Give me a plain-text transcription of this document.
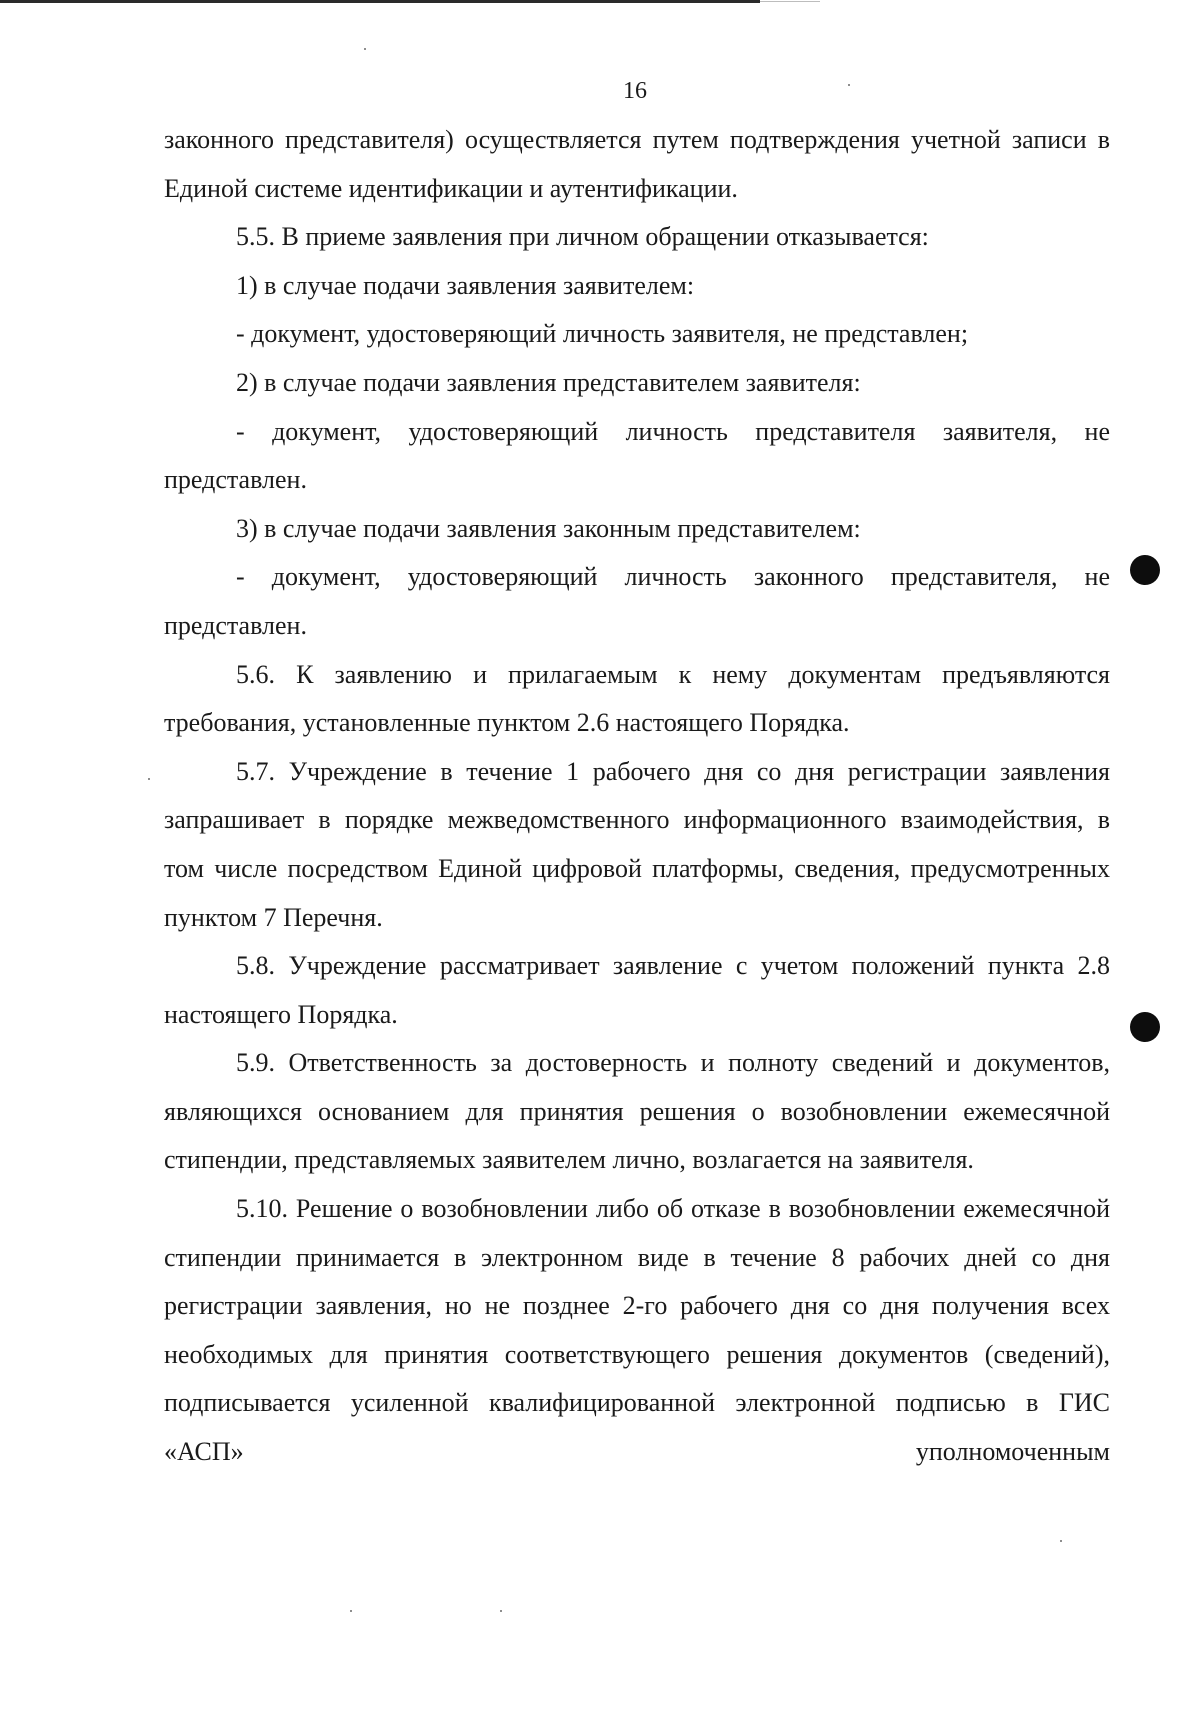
16

законного представителя) осуществляется путем подтверждения учетной записи в Единой системе идентификации и аутентификации.

5.5. В приеме заявления при личном обращении отказывается:

1) в случае подачи заявления заявителем:

- документ, удостоверяющий личность заявителя, не представлен;

2) в случае подачи заявления представителем заявителя:

- документ, удостоверяющий личность представителя заявителя, не представлен.

3) в случае подачи заявления законным представителем:

- документ, удостоверяющий личность законного представителя, не представлен.

5.6. К заявлению и прилагаемым к нему документам предъявляются требования, установленные пунктом 2.6 настоящего Порядка.

5.7. Учреждение в течение 1 рабочего дня со дня регистрации заявления запрашивает в порядке межведомственного информационного взаимодействия, в том числе посредством Единой цифровой платформы, сведения, предусмотренных пунктом 7 Перечня.

5.8. Учреждение рассматривает заявление с учетом положений пункта 2.8 настоящего Порядка.

5.9. Ответственность за достоверность и полноту сведений и документов, являющихся основанием для принятия решения о возобновлении ежемесячной стипендии, представляемых заявителем лично, возлагается на заявителя.

5.10. Решение о возобновлении либо об отказе в возобновлении ежемесячной стипендии принимается в электронном виде в течение 8 рабочих дней со дня регистрации заявления, но не позднее 2-го рабочего дня со дня получения всех необходимых для принятия соответствующего решения документов (сведений), подписывается усиленной квалифицированной электронной подписью в ГИС «АСП» уполномоченным
